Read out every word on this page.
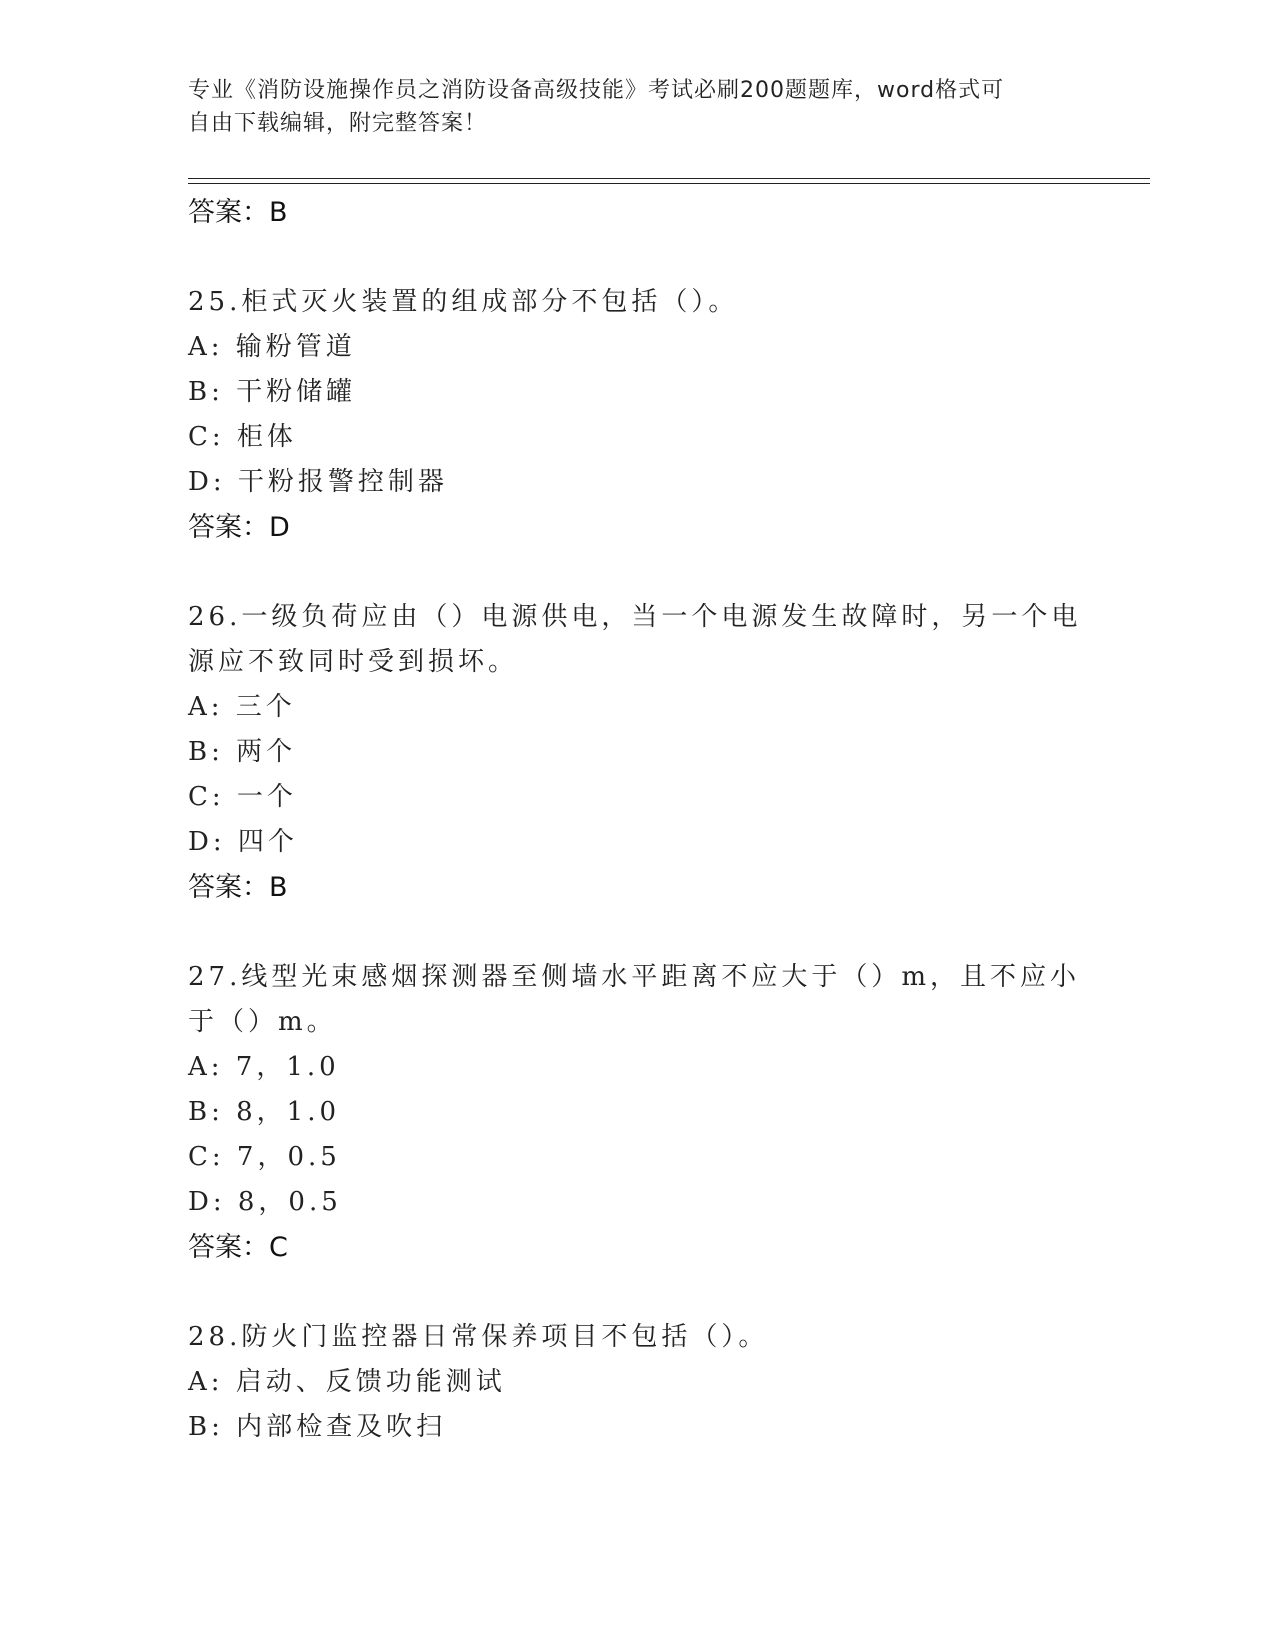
专业《消防设施操作员之消防设备高级技能》考试必刷200题题库，word格式可
自由下载编辑，附完整答案！
答案：B
25.柜式灭火装置的组成部分不包括（）。
A: 输粉管道
B: 干粉储罐
C: 柜体
D: 干粉报警控制器
答案：D
26.一级负荷应由（）电源供电，当一个电源发生故障时，另一个电源应不致同时受到损坏。
A: 三个
B: 两个
C: 一个
D: 四个
答案：B
27.线型光束感烟探测器至侧墙水平距离不应大于（）m，且不应小于（）m。
A: 7，1.0
B: 8，1.0
C: 7，0.5
D: 8，0.5
答案：C
28.防火门监控器日常保养项目不包括（）。
A: 启动、反馈功能测试
B: 内部检查及吹扫
